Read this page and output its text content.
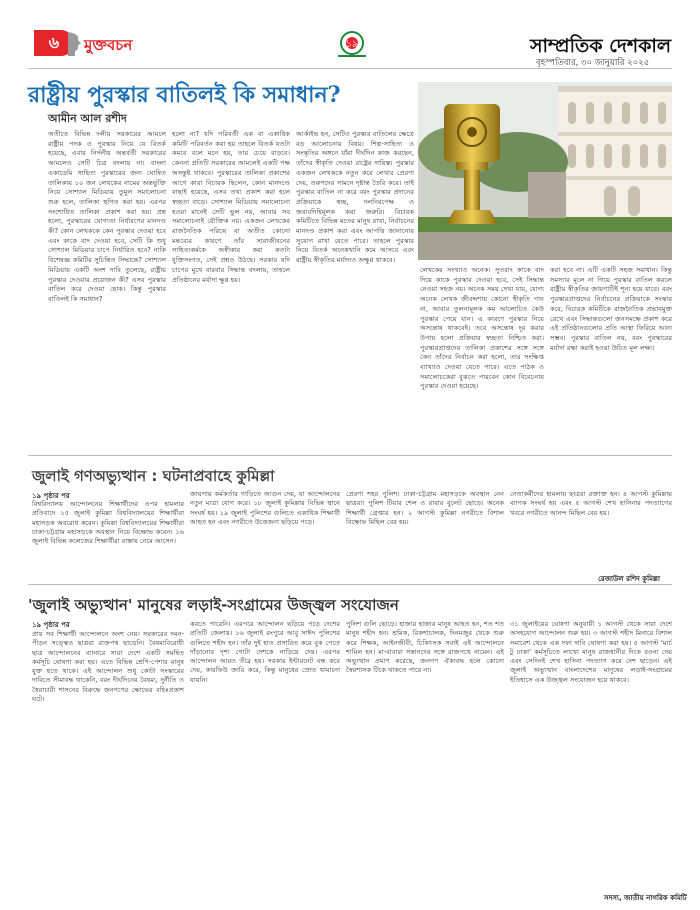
৬	মুক্তবচন	১৯	সাম্প্রতিক দেশকাল
বৃহস্পতিবার, ৩০ জানুয়ারি ২০২৫
রাষ্ট্রীয় পুরস্কার বাতিলই কি সমাধান?
আমীন আল রশীদ
অতীতে বিভিন্ন দলীয় সরকারের আমলে রাষ্ট্রীয় পদক ও পুরস্কার নিয়ে যে বিতর্ক হয়েছে, এবার নির্দলীয় অন্তর্বর্তী সরকারের আমলেও সেটি চিত্র বদলায় না। বাংলা একাডেমি সাহিত্য পুরস্কারের জন্য ঘোষিত তালিকায় ১০ জন লেখকের নামের অন্তর্ভুক্তি নিয়ে সোশ্যাল মিডিয়ায় তুমুল সমালোচনা শুরু হলে, তালিকা স্থগিত করা হয়। এরপর সংশোধিত তালিকা প্রকাশ করা হয়। প্রশ্ন হলো, পুরস্কারের যোগ্যতা নির্ধারণের মানদণ্ড কী? কোন লেখককে কেন পুরস্কার দেওয়া হবে এবং কাকে বাদ দেওয়া হবে, সেটি কি শুধু সোশ্যাল মিডিয়ার চাপে নির্ধারিত হবে? নাকি বিশেষজ্ঞ কমিটির সুচিন্তিত সিদ্ধান্তে? সোশ্যাল মিডিয়ায় একটি অংশ দাবি তুলেছে, রাষ্ট্রীয় পুরস্কার দেওয়ার প্রয়োজন কী? এসব পুরস্কার বাতিল করে দেওয়া হোক। কিন্তু পুরস্কার বাতিলই কি সমাধান?
হলো না? যদি পরিবর্তী এক বা একাধিক কমিটি পরিবর্তন করা হয় তাহলে বিতর্ক যতটা কমবে বলে মনে হয়, তার চেয়ে বাড়বে। কেননা প্রতিটি সরকারের আমলেই একটি পক্ষ অসন্তুষ্ট থাকবে। পুরস্কারের তালিকা প্রকাশের আগে কারা বিচারক ছিলেন, কোন মানদণ্ডে বাছাই হয়েছে, এসব তথ্য প্রকাশ করা হলে স্বচ্ছতা বাড়ে। সোশ্যাল মিডিয়ায় সমালোচনা হওয়া মানেই সেটি ভুল নয়, আবার সব সমালোচনাই যৌক্তিক নয়। একজন লেখকের রাজনৈতিক পরিচয় বা অতীত কোনো মন্তব্যের কারণে তাঁর সারাজীবনের সাহিত্যকর্মকে অস্বীকার করা কতটা যুক্তিসংগত, সেই প্রশ্নও উঠছে। সরকার যদি চাপের মুখে বারবার সিদ্ধান্ত বদলায়, তাহলে প্রতিষ্ঠানের মর্যাদা ক্ষুণ্ণ হয়।
আর্কাইভ হন, সেটিও পুরস্কার বাতিলের ক্ষেত্রে বড় আলোচনার বিষয়। শিল্প-সাহিত্য ও সংস্কৃতির অঙ্গনে যাঁরা দীর্ঘদিন কাজ করছেন, তাঁদের স্বীকৃতি দেওয়া রাষ্ট্রের দায়িত্ব। পুরস্কার একজন লেখককে নতুন করে লেখার প্রেরণা দেয়, তরুণদের সামনে দৃষ্টান্ত তৈরি করে। তাই পুরস্কার বাতিল না করে বরং পুরস্কার প্রদানের প্রক্রিয়াকে স্বচ্ছ, দলনিরপেক্ষ ও জবাবদিহিমূলক করা জরুরি। বিচারক কমিটিতে বিভিন্ন মতের মানুষ রাখা, নির্বাচনের মানদণ্ড প্রকাশ করা এবং আপত্তি জানানোর সুযোগ রাখা যেতে পারে। তাহলে পুরস্কার নিয়ে বিতর্ক অনেকখানি কমে আসবে এবং রাষ্ট্রীয় স্বীকৃতির মর্যাদাও অক্ষুণ্ণ থাকবে।
লেখকের সংখ্যাও অনেক। সুতরাং কাকে বাদ দিয়ে কাকে পুরস্কার দেওয়া হবে, সেই সিদ্ধান্ত নেওয়া সহজ নয়। অনেক সময় দেখা যায়, যোগ্য অনেক লেখক জীবদ্দশায় কোনো স্বীকৃতি পান না, আবার তুলনামূলক কম আলোচিত কেউ পুরস্কার পেয়ে যান। এ কারণে পুরস্কার নিয়ে অসন্তোষ থাকবেই। তবে অসন্তোষ দূর করার উপায় হলো প্রক্রিয়ার স্বচ্ছতা নিশ্চিত করা। পুরস্কারপ্রাপ্তদের তালিকা প্রকাশের সঙ্গে সঙ্গে কেন তাঁদের নির্বাচন করা হলো, তার সংক্ষিপ্ত ব্যাখ্যাও দেওয়া যেতে পারে। এতে পাঠক ও সমালোচকেরা বুঝতে পারবেন কোন বিবেচনায় পুরস্কার দেওয়া হয়েছে।
করা হবে না। এটি একটি সহজ সমাধান। কিন্তু সমস্যার মূলে না গিয়ে পুরস্কার বাতিল করলে রাষ্ট্রীয় স্বীকৃতির জায়গাটিই শূন্য হয়ে যাবে। বরং পুরস্কারপ্রাপ্তদের নির্বাচনের প্রক্রিয়াকে সংস্কার করে, বিচারক কমিটিকে রাজনৈতিক প্রভাবমুক্ত রেখে এবং সিদ্ধান্তগুলো জনসমক্ষে প্রকাশ করে এই প্রতিষ্ঠানগুলোর প্রতি আস্থা ফিরিয়ে আনা সম্ভব। পুরস্কার বাতিল নয়, বরং পুরস্কারের মর্যাদা রক্ষা করাই হওয়া উচিত মূল লক্ষ্য।
জুলাই গণঅভ্যুত্থান : ঘটনাপ্রবাহে কুমিল্লা
১৯ পৃষ্ঠার পর
বিশ্ববিদ্যালয় আন্দোলনের শিক্ষার্থীদের ওপর হামলার প্রতিবাদে ১৫ জুলাই কুমিল্লা বিশ্ববিদ্যালয়ের শিক্ষার্থীরা মহাসড়ক অবরোধ করেন। কুমিল্লা বিশ্ববিদ্যালয়ের শিক্ষার্থীরা ঢাকা-চট্টগ্রাম মহাসড়কে অবস্থান নিয়ে বিক্ষোভ করেন। ১৬ জুলাই বিভিন্ন কলেজের শিক্ষার্থীরা রাস্তায় নেমে আসেন।
জায়গায় কর্মকর্তার গাড়িতে আগুন দেয়, যা আন্দোলনের নতুন মাত্রা যোগ করে। ১৮ জুলাই কুমিল্লার বিভিন্ন স্থানে সংঘর্ষ হয়। ১৯ জুলাই পুলিশের গুলিতে একাধিক শিক্ষার্থী আহত হন এবং নগরীতে উত্তেজনা ছড়িয়ে পড়ে।
প্রেরণা শহর পুলিশ। ঢাকা-চট্টগ্রাম মহাসড়কে অবস্থান নেন ছাত্ররা। পুলিশ টিয়ার শেল ও রাবার বুলেট ছোড়ে। অনেক শিক্ষার্থী গ্রেপ্তার হন। ২ আগস্ট কুমিল্লা নগরীতে বিশাল বিক্ষোভ মিছিল বের হয়।
নেতাকর্মীদের হামলায় ছাত্ররা রক্তাক্ত হন। ৪ আগস্ট কুমিল্লায় ব্যাপক সংঘর্ষ হয় এবং ৫ আগস্ট শেখ হাসিনার পদত্যাগের খবরে নগরীতে আনন্দ মিছিল বের হয়।
রেজাউল রশিদ কুমিল্লা
'জুলাই অভ্যুত্থান' মানুষের লড়াই-সংগ্রামের উজ্জ্বল সংযোজন
১৯ পৃষ্ঠার পর
প্রায় সব শিক্ষার্থী আন্দোলনে অংশ নেয়। সরকারের দমন-পীড়ন সত্ত্বেও ছাত্ররা রাজপথ ছাড়েনি। বৈষম্যবিরোধী ছাত্র আন্দোলনের ব্যানারে সারা দেশে একটি সমন্বিত কর্মসূচি ঘোষণা করা হয়। এতে বিভিন্ন শ্রেণি-পেশার মানুষ যুক্ত হতে থাকে। এই আন্দোলন শুধু কোটা সংস্কারের দাবিতে সীমাবদ্ধ থাকেনি, বরং দীর্ঘদিনের বৈষম্য, দুর্নীতি ও স্বৈরাচারী শাসনের বিরুদ্ধে জনগণের ক্ষোভের বহিঃপ্রকাশ ঘটে।
করতে পারেনি। এরপরে আন্দোলন ছড়িয়ে পড়ে দেশের প্রতিটি জেলায়। ১৬ জুলাই রংপুরে আবু সাঈদ পুলিশের গুলিতে শহীদ হন। তাঁর দুই হাত প্রসারিত করে বুক পেতে দাঁড়ানোর দৃশ্য গোটা দেশকে নাড়িয়ে দেয়। এরপর আন্দোলন আরও তীব্র হয়। সরকার ইন্টারনেট বন্ধ করে দেয়, কারফিউ জারি করে, কিন্তু মানুষের স্রোত থামানো যায়নি।
পুলিশ গুলি ছোড়ে। হাজার হাজার মানুষ আহত হন, শত শত মানুষ শহীদ হন। শ্রমিক, রিকশাচালক, দিনমজুর থেকে শুরু করে শিক্ষক, আইনজীবী, চিকিৎসক সবাই এই আন্দোলনে শামিল হন। মা-বাবারা সন্তানদের সঙ্গে রাজপথে নামেন। এই অভ্যুত্থান প্রমাণ করেছে, জনগণ ঐক্যবদ্ধ হলে কোনো স্বৈরশাসক টিকে থাকতে পারে না।
৩১ জুলাইয়ের ঘোষণা অনুযায়ী ১ আগস্ট থেকে সারা দেশে অসহযোগ আন্দোলন শুরু হয়। ৩ আগস্ট শহীদ মিনারে বিশাল সমাবেশ থেকে এক দফা দাবি ঘোষণা করা হয়। ৫ আগস্ট 'মার্চ টু ঢাকা' কর্মসূচিতে লাখো মানুষ রাজধানীর দিকে রওনা দেয় এবং সেদিনই শেখ হাসিনা পদত্যাগ করে দেশ ছাড়েন। এই জুলাই অভ্যুত্থান বাংলাদেশের মানুষের লড়াই-সংগ্রামের ইতিহাসে এক উজ্জ্বল সংযোজন হয়ে থাকবে।
সদস্য, জাতীয় নাগরিক কমিটি
